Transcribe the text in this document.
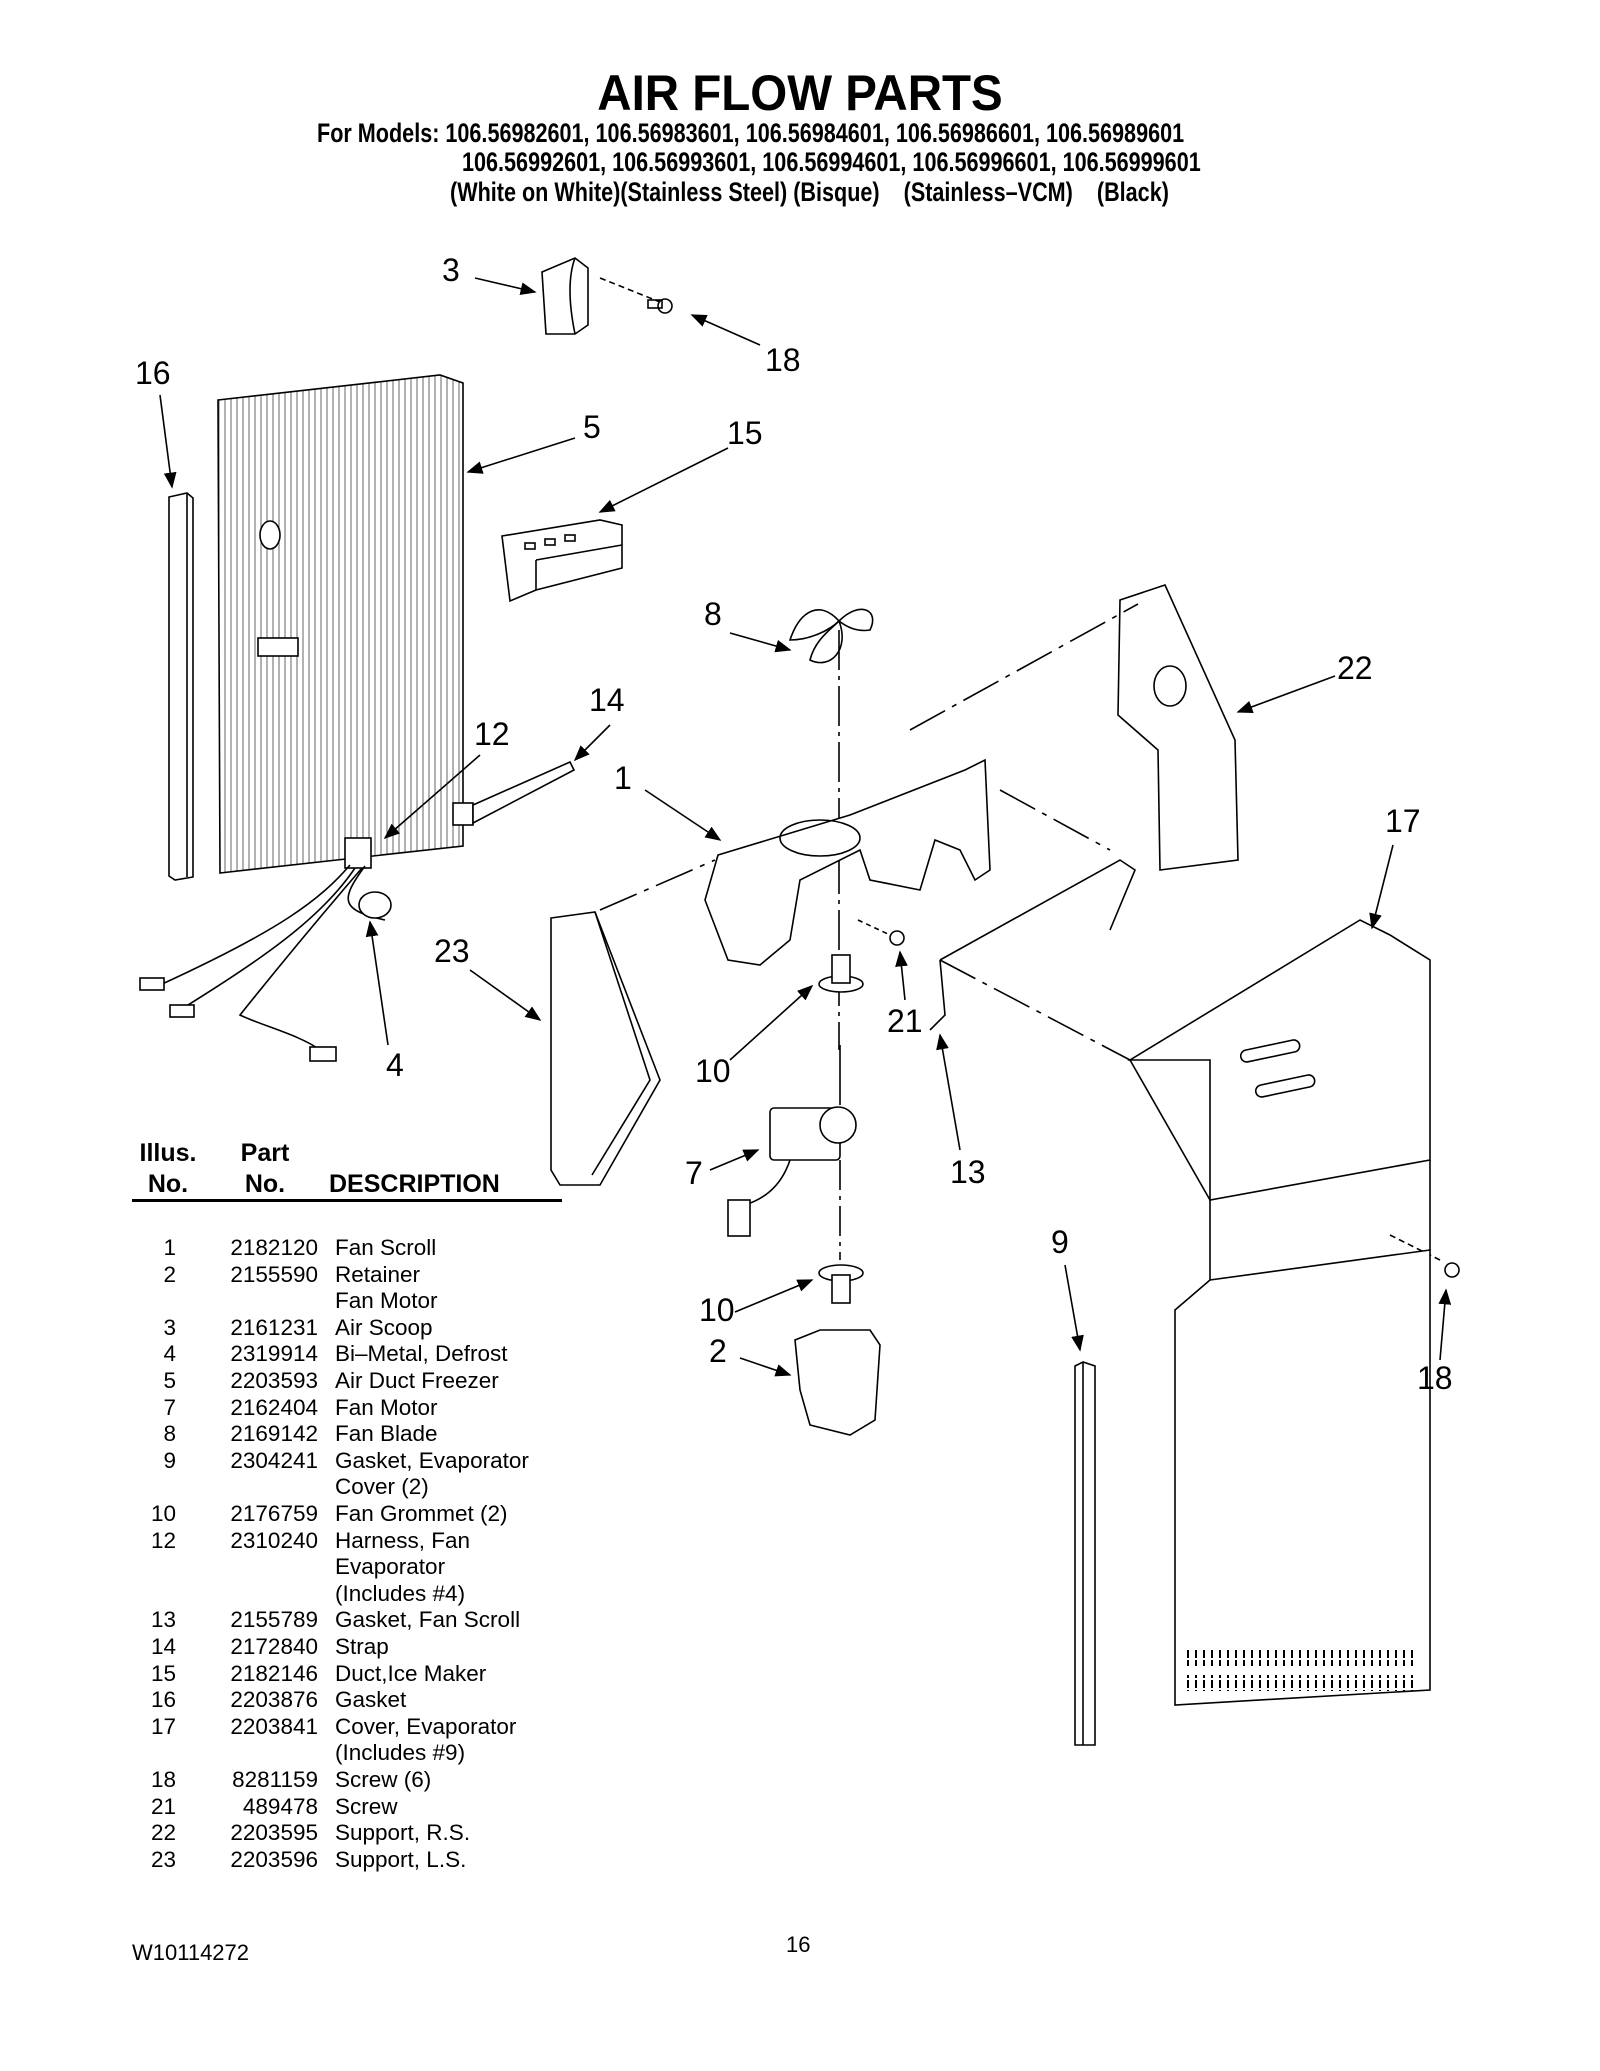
AIR FLOW PARTS
For Models: 106.56982601, 106.56983601, 106.56984601, 106.56986601, 106.56989601
106.56992601, 106.56993601, 106.56994601, 106.56996601, 106.56999601
(White on White)(Stainless Steel) (Bisque)    (Stainless–VCM)    (Black)
3
18
16
5	15
8
22
14
12
1
17
23
21
4	10
13
7
9
10
2
18
Illus.
No.
Part
No.	DESCRIPTION
1	2182120 Fan Scroll
2	2155590 Retainer
Fan Motor
3	2161231 Air Scoop
4	2319914 Bi–Metal, Defrost
5	2203593 Air Duct Freezer
7	2162404 Fan Motor
8	2169142 Fan Blade
9	2304241 Gasket, Evaporator
Cover (2)
10	2176759 Fan Grommet (2)
12	2310240 Harness, Fan
Evaporator
(Includes #4)
13	2155789 Gasket, Fan Scroll
14	2172840 Strap
15	2182146 Duct,Ice Maker
16	2203876 Gasket
17	2203841 Cover, Evaporator
(Includes #9)
18	8281159 Screw (6)
21	489478 Screw
22	2203595 Support, R.S.
23	2203596 Support, L.S.
W10114272	16
